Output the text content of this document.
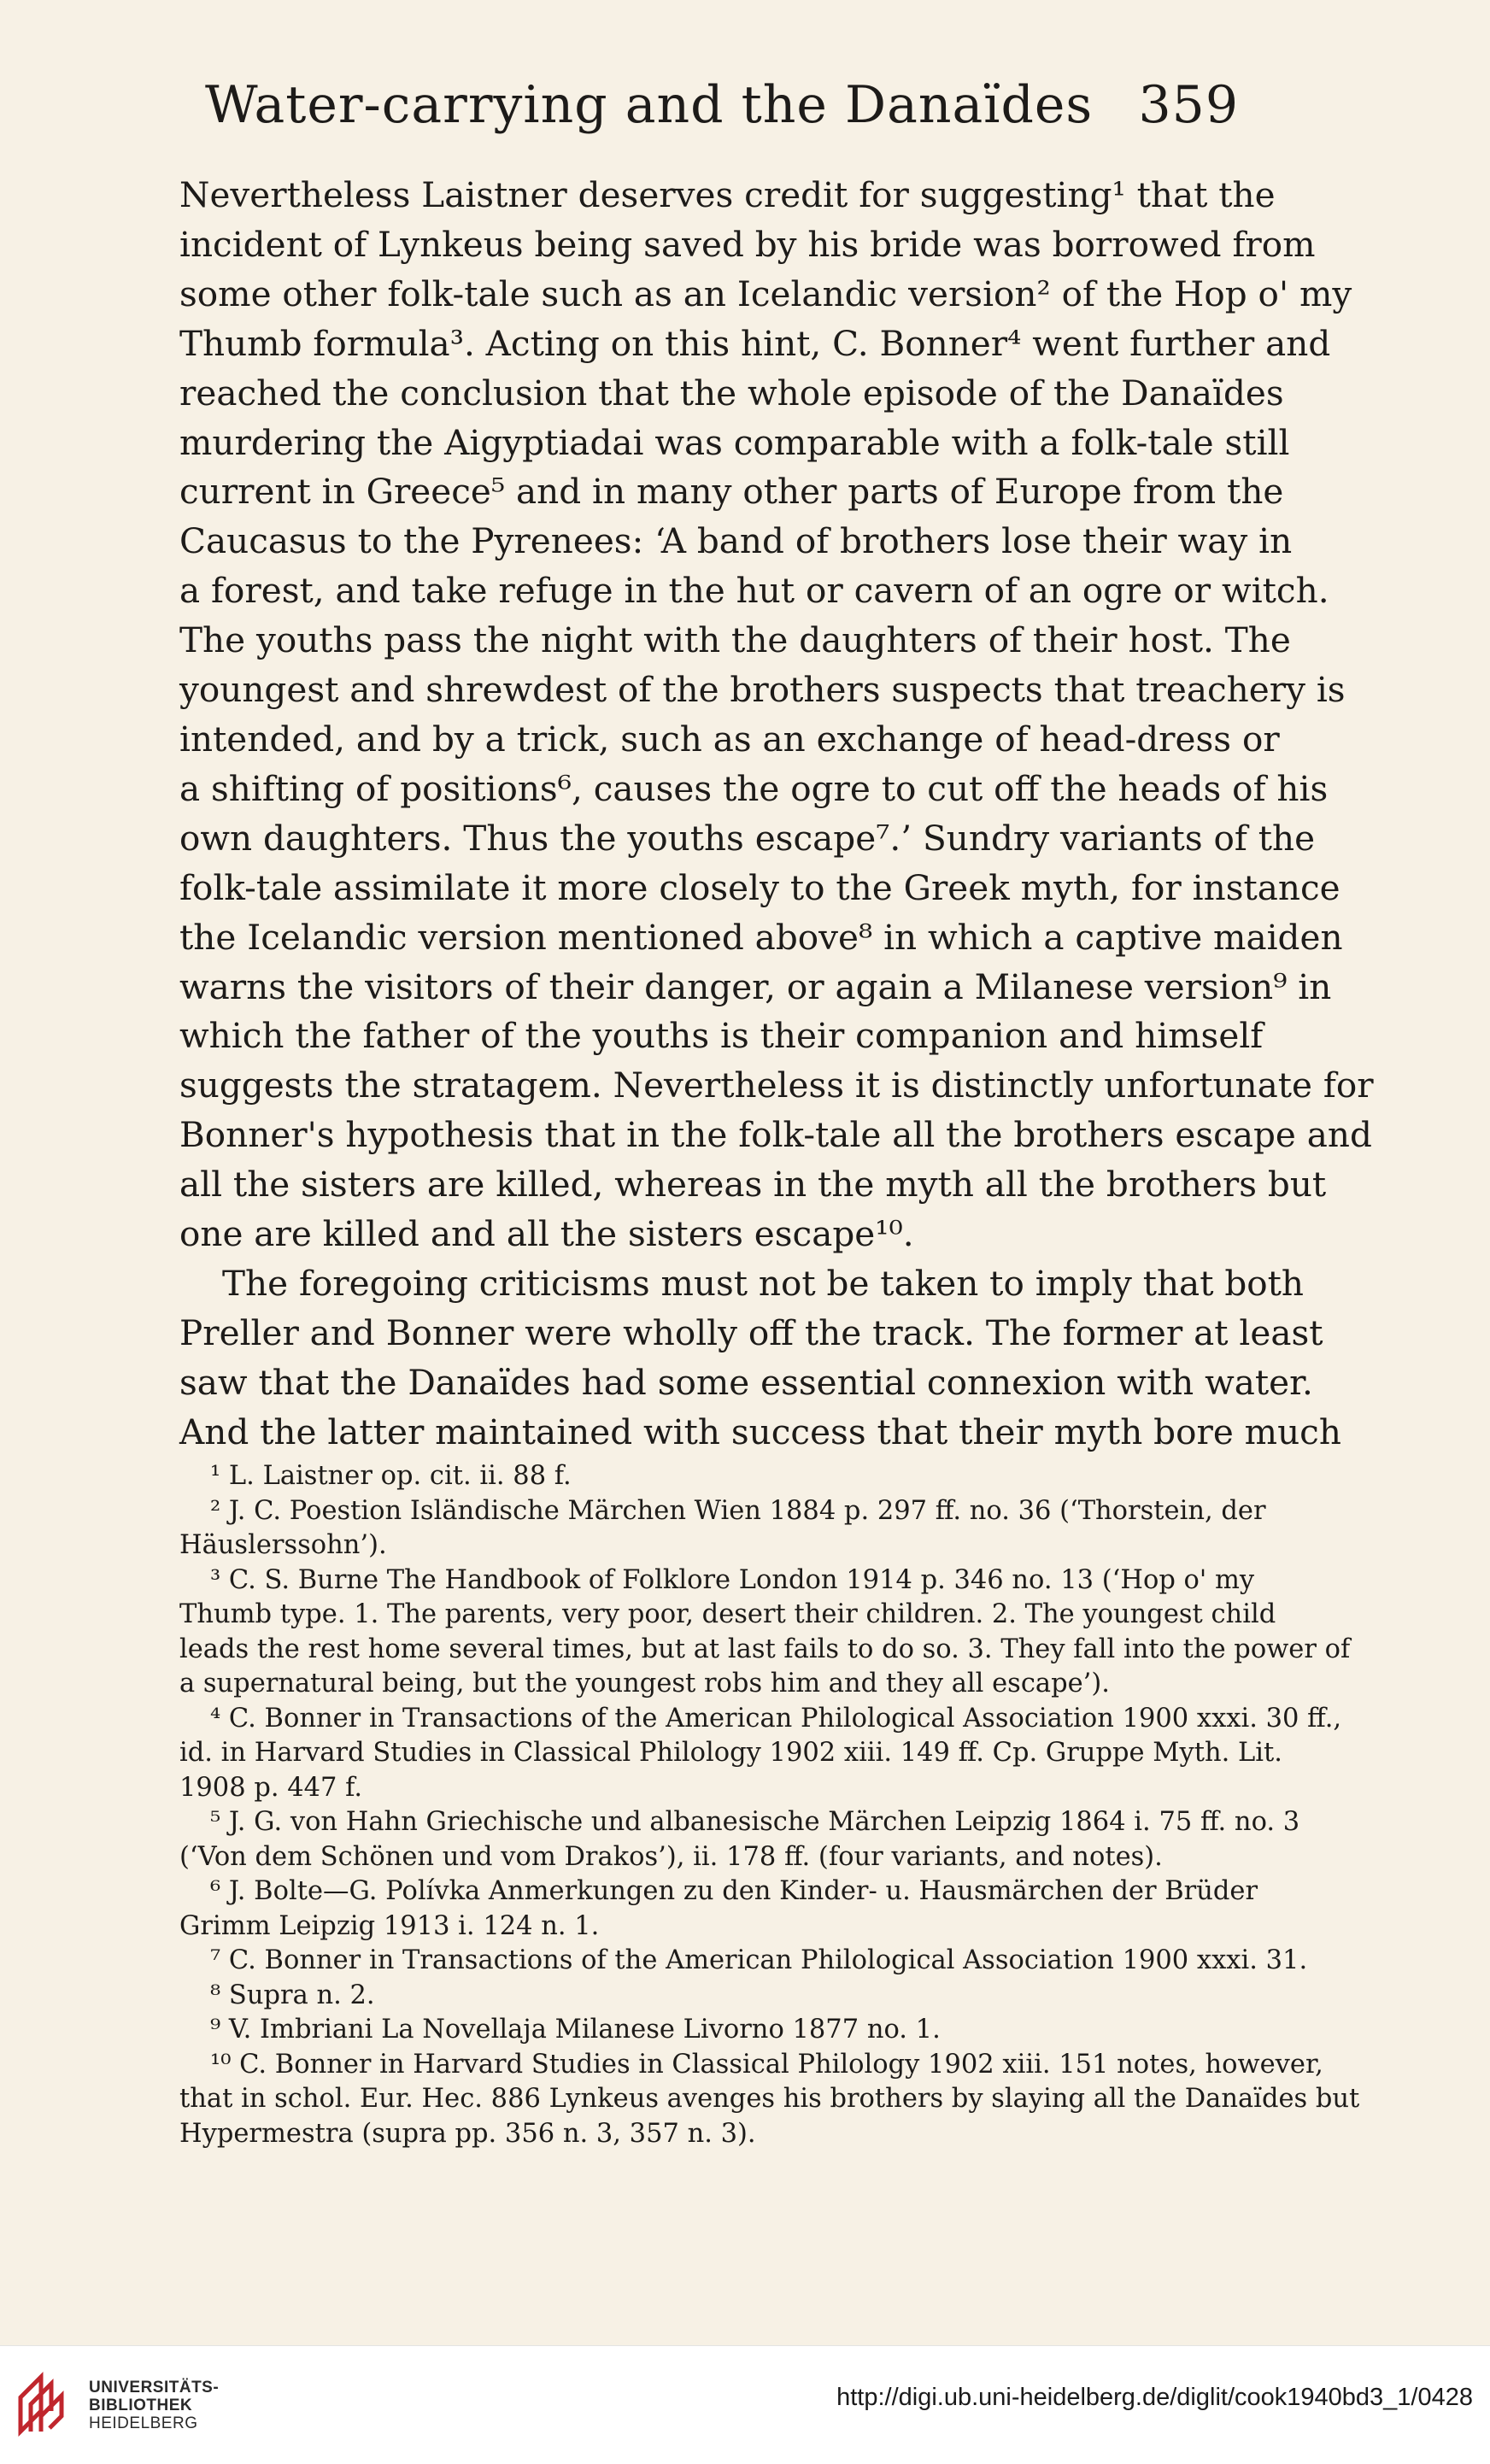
Water-carrying and the Danaïdes 359
Nevertheless Laistner deserves credit for suggesting¹ that the
incident of Lynkeus being saved by his bride was borrowed from
some other folk-tale such as an Icelandic version² of the Hop o' my
Thumb formula³. Acting on this hint, C. Bonner⁴ went further and
reached the conclusion that the whole episode of the Danaïdes
murdering the Aigyptiadai was comparable with a folk-tale still
current in Greece⁵ and in many other parts of Europe from the
Caucasus to the Pyrenees: ‘A band of brothers lose their way in
a forest, and take refuge in the hut or cavern of an ogre or witch.
The youths pass the night with the daughters of their host. The
youngest and shrewdest of the brothers suspects that treachery is
intended, and by a trick, such as an exchange of head-dress or
a shifting of positions⁶, causes the ogre to cut off the heads of his
own daughters. Thus the youths escape⁷.’ Sundry variants of the
folk-tale assimilate it more closely to the Greek myth, for instance
the Icelandic version mentioned above⁸ in which a captive maiden
warns the visitors of their danger, or again a Milanese version⁹ in
which the father of the youths is their companion and himself
suggests the stratagem. Nevertheless it is distinctly unfortunate for
Bonner's hypothesis that in the folk-tale all the brothers escape and
all the sisters are killed, whereas in the myth all the brothers but
one are killed and all the sisters escape¹⁰.
The foregoing criticisms must not be taken to imply that both
Preller and Bonner were wholly off the track. The former at least
saw that the Danaïdes had some essential connexion with water.
And the latter maintained with success that their myth bore much
¹ L. Laistner op. cit. ii. 88 f.
² J. C. Poestion Isländische Märchen Wien 1884 p. 297 ff. no. 36 (‘Thorstein, der
Häuslerssohn’).
³ C. S. Burne The Handbook of Folklore London 1914 p. 346 no. 13 (‘Hop o' my
Thumb type. 1. The parents, very poor, desert their children. 2. The youngest child
leads the rest home several times, but at last fails to do so. 3. They fall into the power of
a supernatural being, but the youngest robs him and they all escape’).
⁴ C. Bonner in Transactions of the American Philological Association 1900 xxxi. 30 ff.,
id. in Harvard Studies in Classical Philology 1902 xiii. 149 ff. Cp. Gruppe Myth. Lit.
1908 p. 447 f.
⁵ J. G. von Hahn Griechische und albanesische Märchen Leipzig 1864 i. 75 ff. no. 3
(‘Von dem Schönen und vom Drakos’), ii. 178 ff. (four variants, and notes).
⁶ J. Bolte—G. Polívka Anmerkungen zu den Kinder- u. Hausmärchen der Brüder
Grimm Leipzig 1913 i. 124 n. 1.
⁷ C. Bonner in Transactions of the American Philological Association 1900 xxxi. 31.
⁸ Supra n. 2.
⁹ V. Imbriani La Novellaja Milanese Livorno 1877 no. 1.
¹⁰ C. Bonner in Harvard Studies in Classical Philology 1902 xiii. 151 notes, however,
that in schol. Eur. Hec. 886 Lynkeus avenges his brothers by slaying all the Danaïdes but
Hypermestra (supra pp. 356 n. 3, 357 n. 3).
UNIVERSITÄTS-
BIBLIOTHEK
HEIDELBERG
http://digi.ub.uni-heidelberg.de/diglit/cook1940bd3_1/0428
